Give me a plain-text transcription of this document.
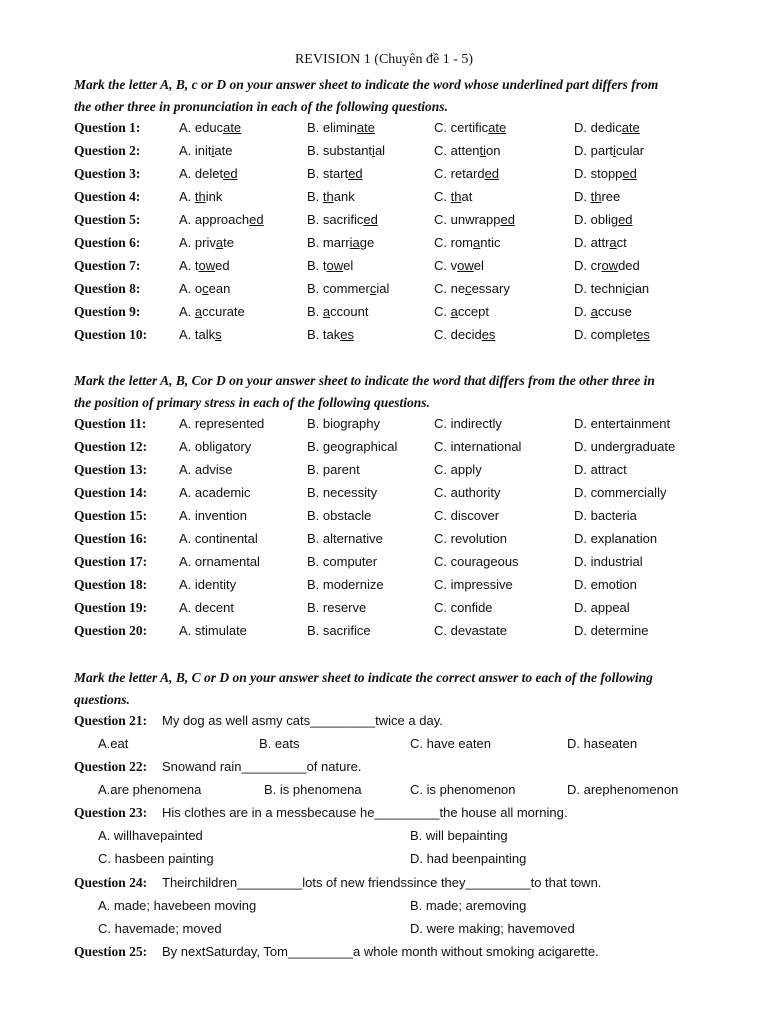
REVISION 1 (Chuyên đề 1 - 5)
Mark the letter A, B, c or D on your answer sheet to indicate the word whose underlined part differs from the other three in pronunciation in each of the following questions.
Question 1:	A. educate	B. eliminate	C. certificate	D. dedicate
Question 2:	A. initiate	B. substantial	C. attention	D. particular
Question 3:	A. deleted	B. started	C. retarded	D. stopped
Question 4:	A. think	B. thank	C. that	D. three
Question 5:	A. approached	B. sacrificed	C. unwrapped	D. obliged
Question 6:	A. private	B. marriage	C. romantic	D. attract
Question 7:	A. towed	B. towel	C. vowel	D. crowded
Question 8:	A. ocean	B. commercial	C. necessary	D. technician
Question 9:	A. accurate	B. account	C. accept	D. accuse
Question 10: A. talks	B. takes	C. decides	D. completes
Mark the letter A, B, Cor D on your answer sheet to indicate the word that differs from the other three in the position of primary stress in each of the following questions.
Question 11:	A. represented	B. biography	C. indirectly	D. entertainment
Question 12: A. obligatory	B. geographical	C. international	D. undergraduate
Question 13: A. advise	B. parent	C. apply	D. attract
Question 14: A. academic	B. necessity	C. authority	D. commercially
Question 15: A. invention	B. obstacle	C. discover	D. bacteria
Question 16: A. continental	B. alternative	C. revolution	D. explanation
Question 17: A. ornamental	B. computer	C. courageous	D. industrial
Question 18: A. identity	B. modernize	C. impressive	D. emotion
Question 19: A. decent	B. reserve	C. confide	D. appeal
Question 20: A. stimulate	B. sacrifice	C. devastate	D. determine
Mark the letter A, B, C or D on your answer sheet to indicate the correct answer to each of the following questions.
Question 21: My dog as well asmy cats_________twice a day.
A.eat	B. eats	C. have eaten	D. haseaten
Question 22: Snowand rain_________of nature.
A.are phenomena	B. is phenomena	C. is phenomenon	D. arephenomenon
Question 23: His clothes are in a messbecause he_________the house all morning.
A. willhavepainted	B. will bepainting
C. hasbeen painting	D. had beenpainting
Question 24: Theirchildren_________lots of new friendssince they_________to that town.
A. made; havebeen moving	B. made; aremoving
C. havemade; moved	D. were making; havemoved
Question 25: By nextSaturday, Tom_________a whole month without smoking acigarette.
